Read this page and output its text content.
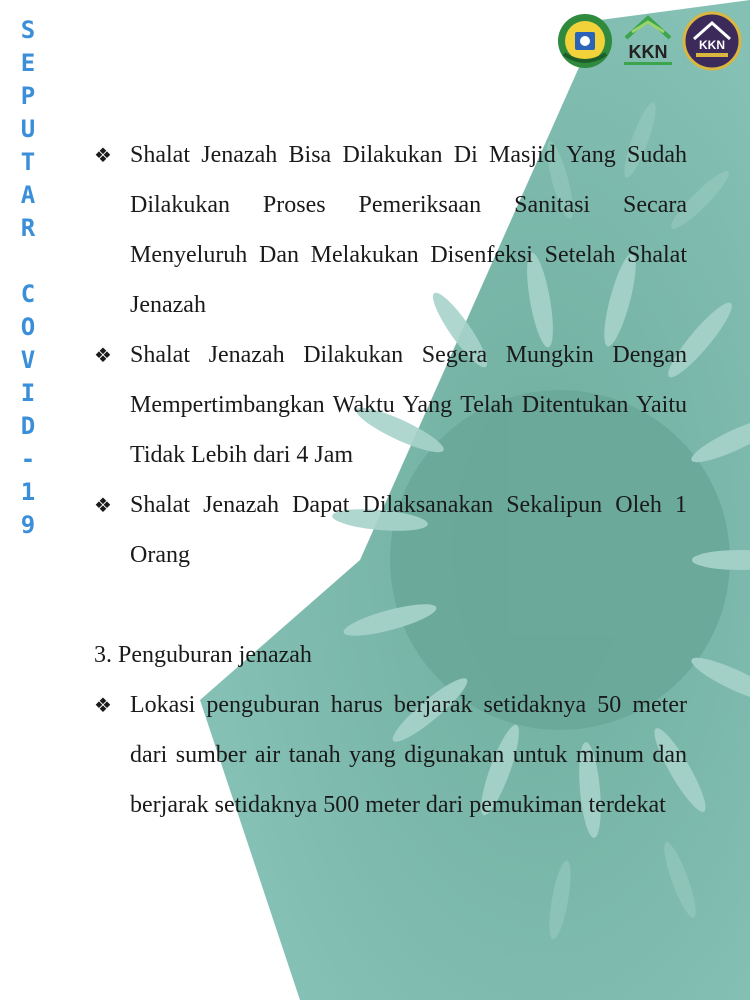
S
E
P
U
T
A
R
C
O
V
I
D
-
1
9
KKN	KKN
❖ Shalat Jenazah Bisa Dilakukan Di Masjid Yang Sudah Dilakukan Proses Pemeriksaan Sanitasi Secara Menyeluruh Dan Melakukan Disenfeksi Setelah Shalat Jenazah
❖ Shalat Jenazah Dilakukan Segera Mungkin Dengan Mempertimbangkan Waktu Yang Telah Ditentukan Yaitu Tidak Lebih dari 4 Jam
❖ Shalat Jenazah Dapat Dilaksanakan Sekalipun Oleh 1 Orang
3. Penguburan jenazah
❖ Lokasi penguburan harus berjarak setidaknya 50 meter dari sumber air tanah yang digunakan untuk minum dan berjarak setidaknya 500 meter dari pemukiman terdekat
